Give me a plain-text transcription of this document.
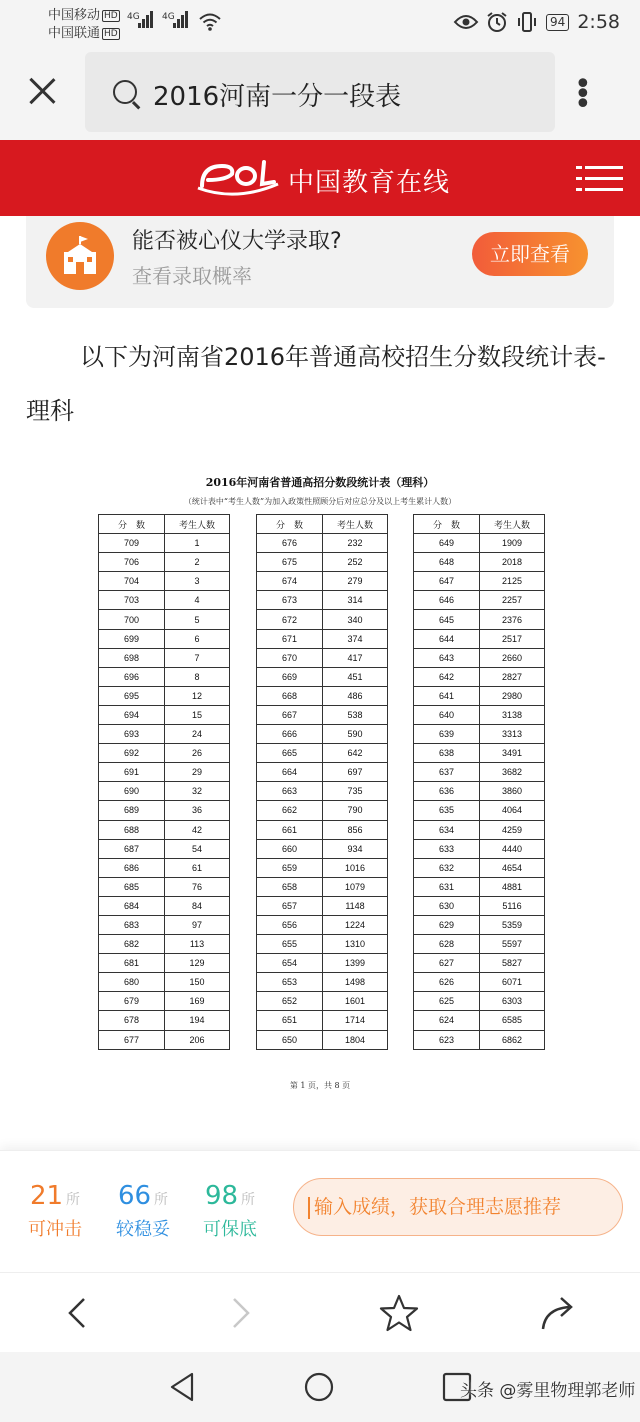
中国移动 HD
中国联通 HD
4G 4G	94 2:58
2016河南一分一段表	• • •
eol
中国教育在线
能否被心仪大学录取?
查看录取概率
立即查看
以下为河南省2016年普通高校招生分数段统计表-理科
2016年河南省普通高招分数段统计表（理科）
（统计表中“考生人数”为加入政策性照顾分后对应总分及以上考生累计人数）
分　数	考生人数
709	1
706	2
704	3
703	4
700	5
699	6
698	7
696	8
695	12
694	15
693	24
692	26
691	29
690	32
689	36
688	42
687	54
686	61
685	76
684	84
683	97
682	113
681	129
680	150
679	169
678	194
677	206
分　数	考生人数
676	232
675	252
674	279
673	314
672	340
671	374
670	417
669	451
668	486
667	538
666	590
665	642
664	697
663	735
662	790
661	856
660	934
659	1016
658	1079
657	1148
656	1224
655	1310
654	1399
653	1498
652	1601
651	1714
650	1804
分　数	考生人数
649	1909
648	2018
647	2125
646	2257
645	2376
644	2517
643	2660
642	2827
641	2980
640	3138
639	3313
638	3491
637	3682
636	3860
635	4064
634	4259
633	4440
632	4654
631	4881
630	5116
629	5359
628	5597
627	5827
626	6071
625	6303
624	6585
623	6862
第 1 页，共 8 页
21 所
可冲击
66 所
较稳妥
98 所
可保底
输入成绩，获取合理志愿推荐
头条 @雾里物理郭老师
